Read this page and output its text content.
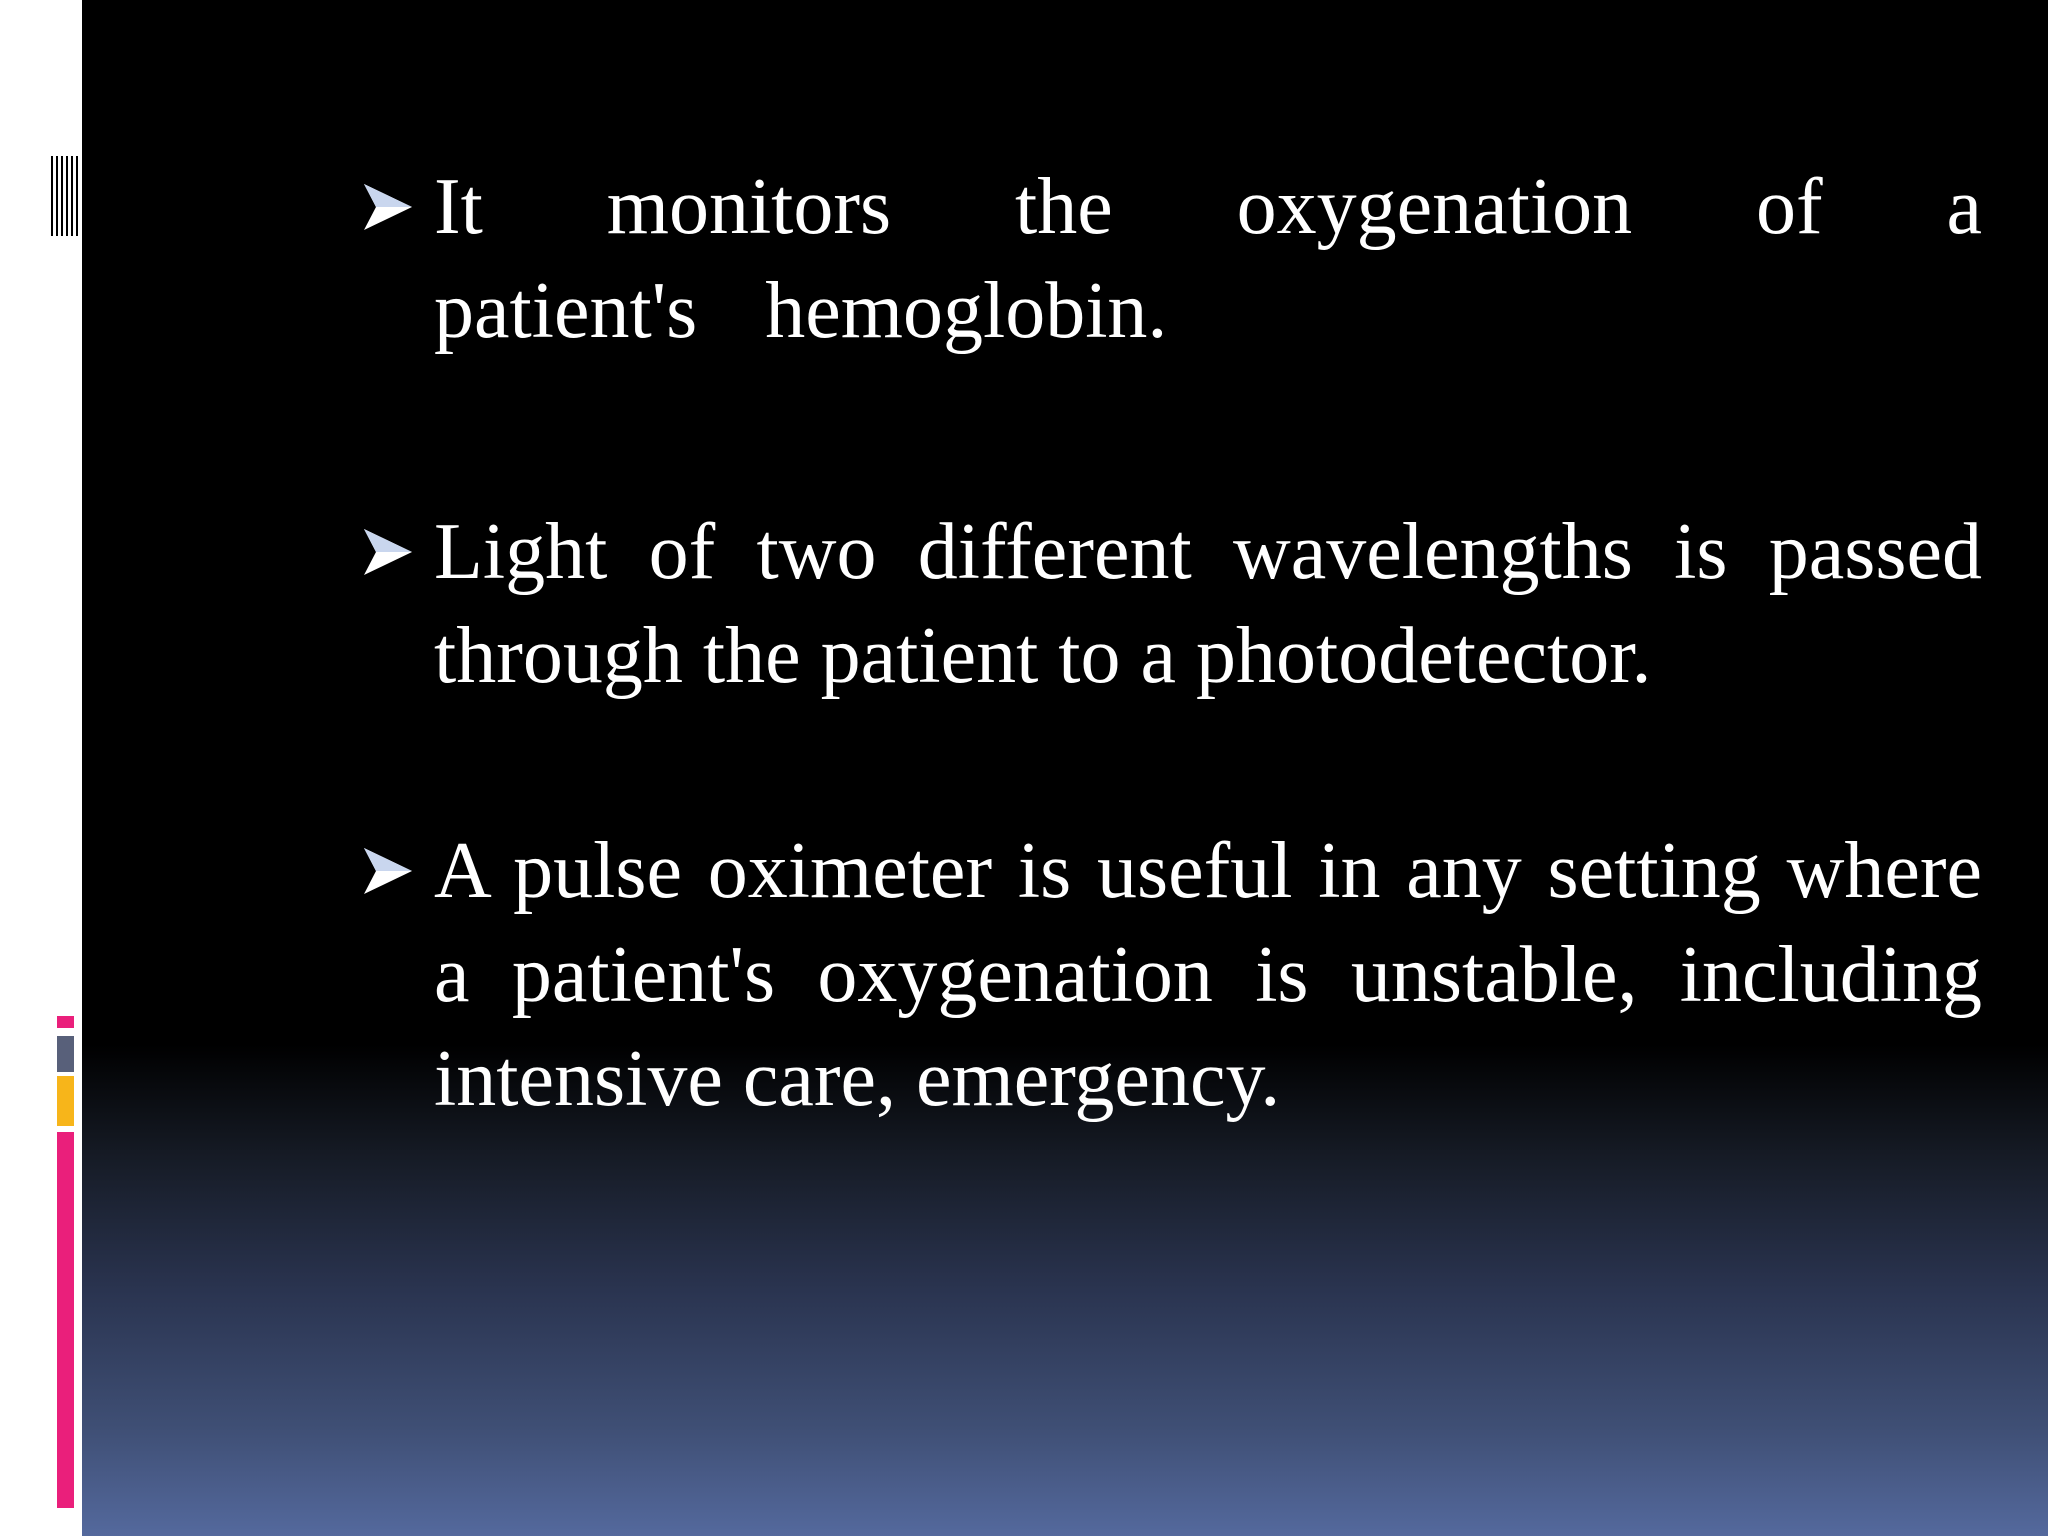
It monitors the oxygenation of a patient's hemoglobin.
Light of two different wavelengths is passed through the patient to a photodetector.
A pulse oximeter is useful in any setting where a patient's oxygenation is unstable, including intensive care, emergency.
